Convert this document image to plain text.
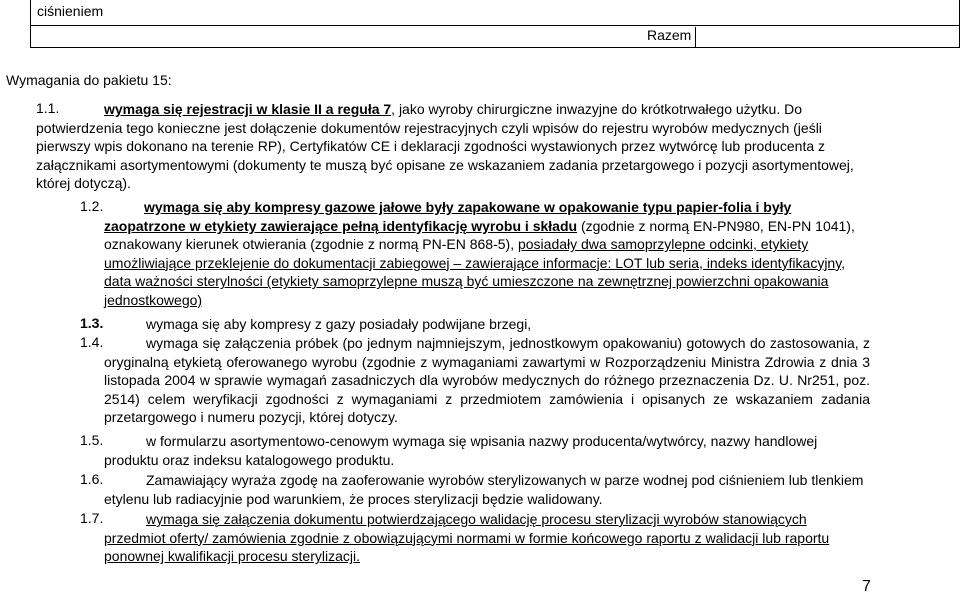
ciśnieniem
Razem
Wymagania do pakietu 15:
1.1.	wymaga się rejestracji w klasie II a reguła 7, jako wyroby chirurgiczne inwazyjne do krótkotrwałego użytku. Do potwierdzenia tego konieczne jest dołączenie dokumentów rejestracyjnych czyli wpisów do rejestru wyrobów medycznych (jeśli pierwszy wpis dokonano na terenie RP), Certyfikatów CE i deklaracji zgodności wystawionych przez wytwórcę lub producenta z załącznikami asortymentowymi (dokumenty te muszą być opisane ze wskazaniem zadania przetargowego i pozycji asortymentowej, której dotyczą).
1.2.	wymaga się aby kompresy gazowe jałowe były zapakowane w opakowanie typu papier-folia i były zaopatrzone w etykiety zawierające pełną identyfikację wyrobu i składu (zgodnie z normą EN-PN980, EN-PN 1041), oznakowany kierunek otwierania (zgodnie z normą PN-EN 868-5), posiadały dwa samoprzylepne odcinki, etykiety umożliwiające przeklejenie do dokumentacji zabiegowej – zawierające informacje: LOT lub seria, indeks identyfikacyjny, data ważności sterylności (etykiety samoprzylepne muszą być umieszczone na zewnętrznej powierzchni opakowania jednostkowego)
1.3.	wymaga się aby kompresy z gazy posiadały podwijane brzegi,
1.4.	wymaga się załączenia próbek (po jednym najmniejszym, jednostkowym opakowaniu) gotowych do zastosowania, z oryginalną etykietą oferowanego wyrobu (zgodnie z wymaganiami zawartymi w Rozporządzeniu Ministra Zdrowia z dnia 3 listopada 2004 w sprawie wymagań zasadniczych dla wyrobów medycznych do różnego przeznaczenia Dz. U. Nr251, poz. 2514) celem weryfikacji zgodności z wymaganiami z przedmiotem zamówienia i opisanych ze wskazaniem zadania przetargowego i numeru pozycji, której dotyczy.
1.5.	w formularzu asortymentowo-cenowym wymaga się wpisania nazwy producenta/wytwórcy, nazwy handlowej produktu oraz indeksu katalogowego produktu.
1.6.	Zamawiający wyraża zgodę na zaoferowanie wyrobów sterylizowanych w parze wodnej pod ciśnieniem lub tlenkiem etylenu lub radiacyjnie pod warunkiem, że proces sterylizacji będzie walidowany.
1.7.	wymaga się załączenia dokumentu potwierdzającego walidację procesu sterylizacji wyrobów stanowiących przedmiot oferty/ zamówienia zgodnie z obowiązującymi normami w formie końcowego raportu z walidacji lub raportu ponownej kwalifikacji procesu sterylizacji.
7
